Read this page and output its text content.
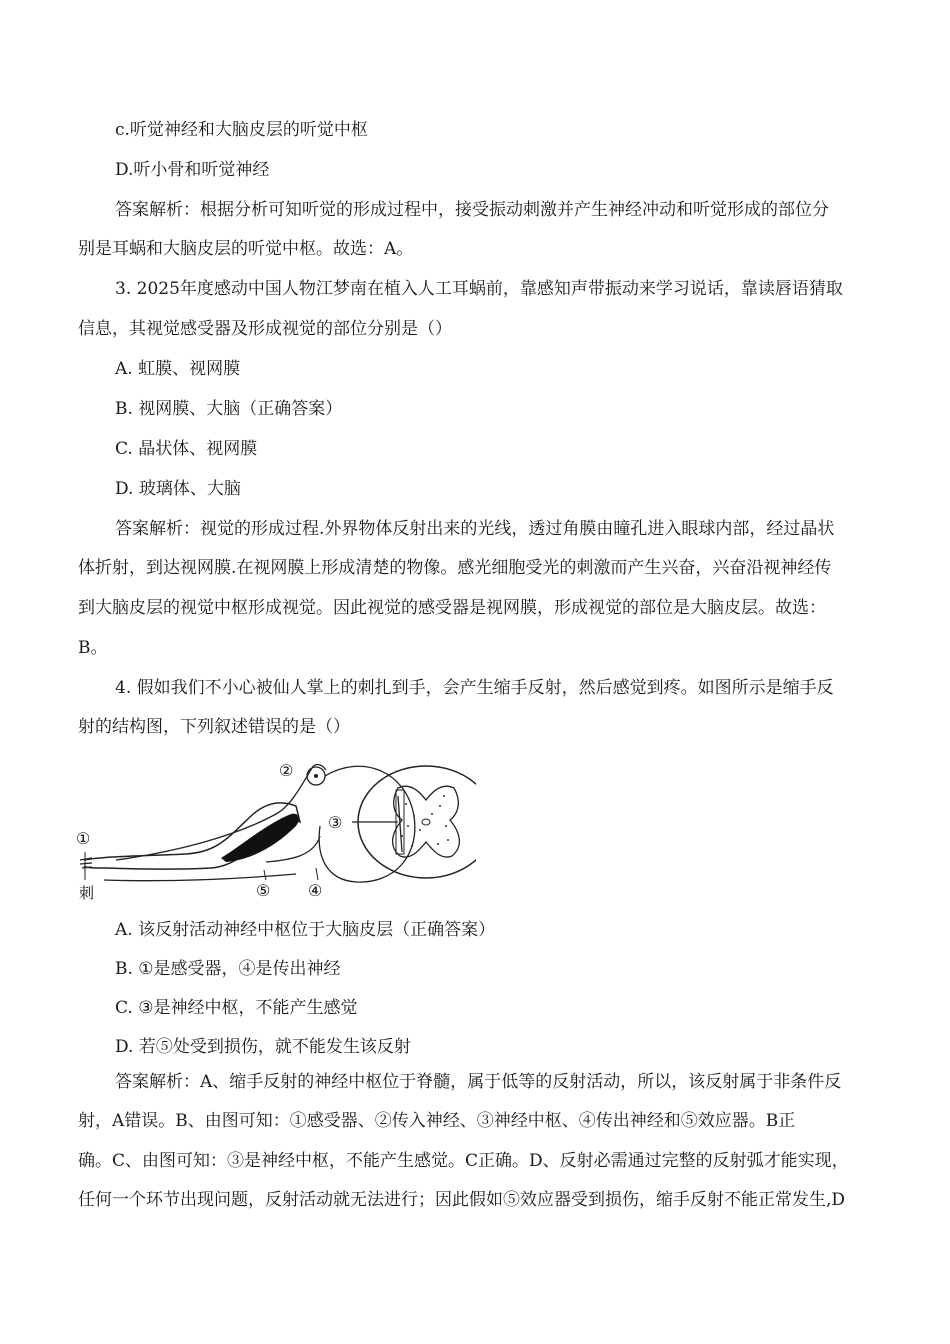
c.听觉神经和大脑皮层的听觉中枢
D.听小骨和听觉神经
答案解析：根据分析可知听觉的形成过程中，接受振动刺激并产生神经冲动和听觉形成的部位分
别是耳蜗和大脑皮层的听觉中枢。故选：A。
3. 2025年度感动中国人物江梦南在植入人工耳蜗前，靠感知声带振动来学习说话，靠读唇语猜取
信息，其视觉感受器及形成视觉的部位分别是（）
A. 虹膜、视网膜
B. 视网膜、大脑（正确答案）
C. 晶状体、视网膜
D. 玻璃体、大脑
答案解析：视觉的形成过程.外界物体反射出来的光线，透过角膜由瞳孔进入眼球内部，经过晶状
体折射，到达视网膜.在视网膜上形成清楚的物像。感光细胞受光的刺激而产生兴奋，兴奋沿视神经传
到大脑皮层的视觉中枢形成视觉。因此视觉的感受器是视网膜，形成视觉的部位是大脑皮层。故选：
B。
4. 假如我们不小心被仙人掌上的刺扎到手，会产生缩手反射，然后感觉到疼。如图所示是缩手反
射的结构图，下列叙述错误的是（）
①
②
③
④
⑤
刺
A. 该反射活动神经中枢位于大脑皮层（正确答案）
B. ①是感受器，④是传出神经
C. ③是神经中枢，不能产生感觉
D. 若⑤处受到损伤，就不能发生该反射
答案解析：A、缩手反射的神经中枢位于脊髓，属于低等的反射活动，所以，该反射属于非条件反
射，A错误。B、由图可知：①感受器、②传入神经、③神经中枢、④传出神经和⑤效应器。B正
确。C、由图可知：③是神经中枢，不能产生感觉。C正确。D、反射必需通过完整的反射弧才能实现，
任何一个环节出现问题，反射活动就无法进行；因此假如⑤效应器受到损伤，缩手反射不能正常发生,D
